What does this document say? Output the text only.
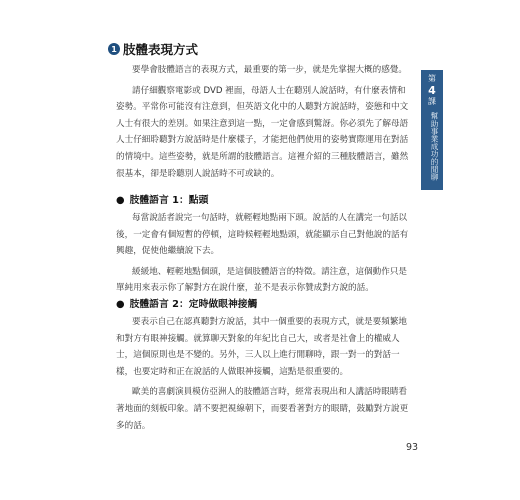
1 肢體表現方式

要學會肢體語言的表現方式，最重要的第一步，就是先掌握大概的感覺。

請仔細觀察電影或 DVD 裡面，母語人士在聽別人說話時，有什麼表情和姿勢。平常你可能沒有注意到，但英語文化中的人聽對方說話時，姿態和中文人士有很大的差別。如果注意到這一點，一定會感到驚訝。你必須先了解母語人士仔細聆聽對方說話時是什麼樣子，才能把他們使用的姿勢實際運用在對話的情境中。這些姿勢，就是所謂的肢體語言。這裡介紹的三種肢體語言，雖然很基本，卻是聆聽別人說話時不可或缺的。

● 肢體語言 1：點頭

每當說話者說完一句話時，就輕輕地點兩下頭。說話的人在講完一句話以後，一定會有個短暫的停頓，這時候輕輕地點頭，就能顯示自己對他說的話有興趣，促使他繼續說下去。

緩緩地、輕輕地點個頭，是這個肢體語言的特徵。請注意，這個動作只是單純用來表示你了解對方在說什麼，並不是表示你贊成對方說的話。

● 肢體語言 2：定時做眼神接觸

要表示自己在認真聽對方說話，其中一個重要的表現方式，就是要頻繁地和對方有眼神接觸。就算聊天對象的年紀比自己大，或者是社會上的權威人士，這個原則也是不變的。另外，三人以上進行閒聊時，跟一對一的對話一樣，也要定時和正在說話的人做眼神接觸，這點是很重要的。

歐美的喜劇演員模仿亞洲人的肢體語言時，經常表現出和人講話時眼睛看著地面的刻板印象。請不要把視線朝下，而要看著對方的眼睛，鼓勵對方說更多的話。

第
4
課
幫助事業成功的閒聊
93
